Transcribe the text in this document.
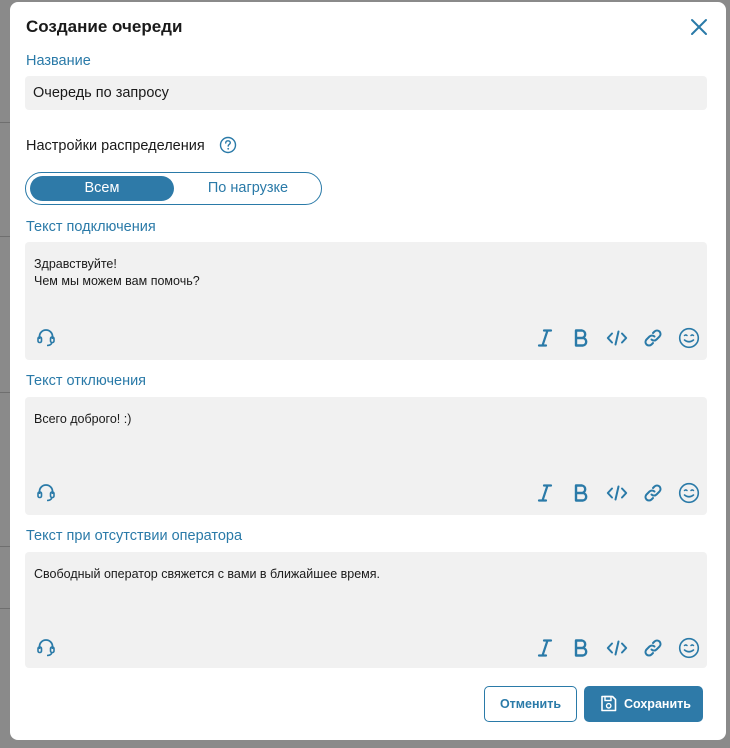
Создание очереди
Название
Очередь по запросу
Настройки распределения
Всем	По нагрузке
Текст подключения
Здравствуйте!
Чем мы можем вам помочь?
Текст отключения
Всего доброго! :)
Текст при отсутствии оператора
Свободный оператор свяжется с вами в ближайшее время.
Отменить	Сохранить
